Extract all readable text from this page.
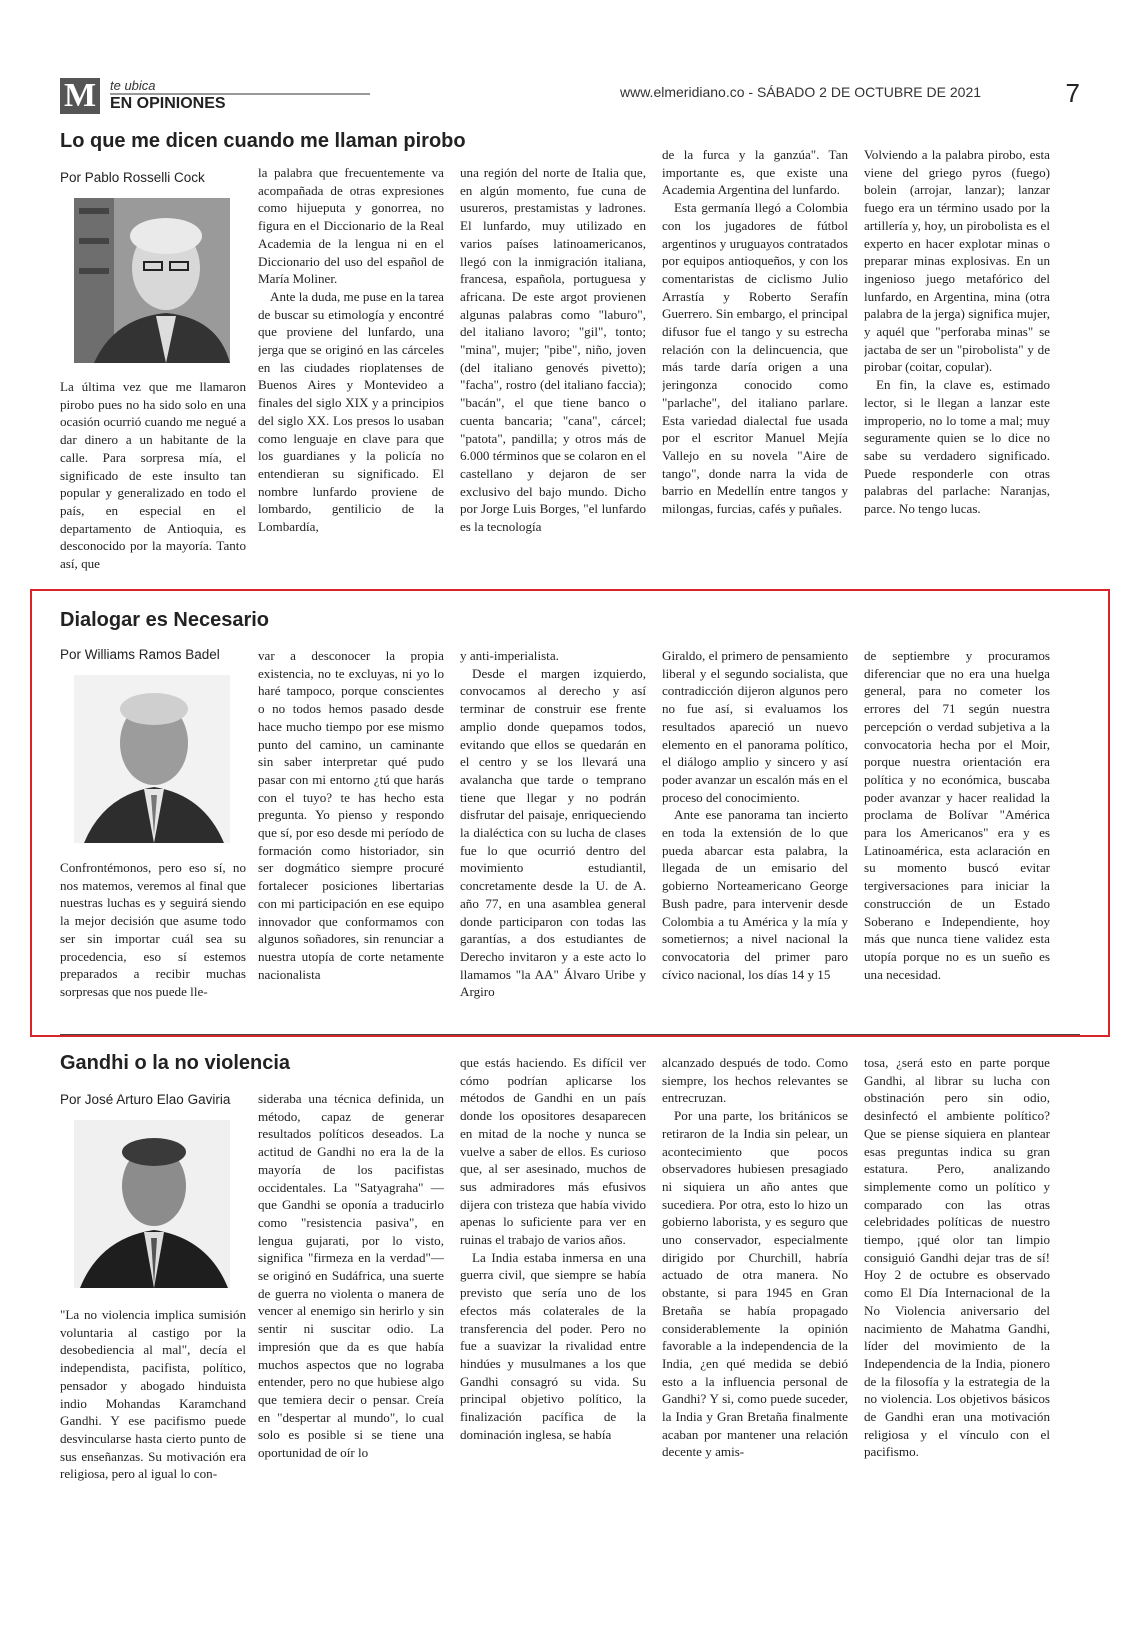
M	te ubica
EN OPINIONES
www.elmeridiano.co - SÁBADO 2 DE OCTUBRE DE 2021	7
Lo que me dicen cuando me llaman pirobo
Por Pablo Rosselli Cock

La última vez que me llamaron pirobo pues no ha sido solo en una ocasión ocurrió cuando me negué a dar dinero a un habitante de la calle. Para sorpresa mía, el significado de este insulto tan popular y generalizado en todo el país, en especial en el departamento de Antioquia, es desconocido por la mayoría. Tanto así, que

la palabra que frecuentemente va acompañada de otras expresiones como hijueputa y gonorrea, no figura en el Diccionario de la Real Academia de la lengua ni en el Diccionario del uso del español de María Moliner.

Ante la duda, me puse en la tarea de buscar su etimología y encontré que proviene del lunfardo, una jerga que se originó en las cárceles en las ciudades rioplatenses de Buenos Aires y Montevideo a finales del siglo XIX y a principios del siglo XX. Los presos lo usaban como lenguaje en clave para que los guardianes y la policía no entendieran su significado. El nombre lunfardo proviene de lombardo, gentilicio de la Lombardía,

una región del norte de Italia que, en algún momento, fue cuna de usureros, prestamistas y ladrones. El lunfardo, muy utilizado en varios países latinoamericanos, llegó con la inmigración italiana, francesa, española, portuguesa y africana. De este argot provienen algunas palabras como "laburo", del italiano lavoro; "gil", tonto; "mina", mujer; "pibe", niño, joven (del italiano genovés pivetto); "facha", rostro (del italiano faccia); "bacán", el que tiene banco o cuenta bancaria; "cana", cárcel; "patota", pandilla; y otros más de 6.000 términos que se colaron en el castellano y dejaron de ser exclusivo del bajo mundo. Dicho por Jorge Luis Borges, "el lunfardo es la tecnología

de la furca y la ganzúa". Tan importante es, que existe una Academia Argentina del lunfardo.

Esta germanía llegó a Colombia con los jugadores de fútbol argentinos y uruguayos contratados por equipos antioqueños, y con los comentaristas de ciclismo Julio Arrastía y Roberto Serafín Guerrero. Sin embargo, el principal difusor fue el tango y su estrecha relación con la delincuencia, que más tarde daría origen a una jeringonza conocido como "parlache", del italiano parlare. Esta variedad dialectal fue usada por el escritor Manuel Mejía Vallejo en su novela "Aire de tango", donde narra la vida de barrio en Medellín entre tangos y milongas, furcias, cafés y puñales.

Volviendo a la palabra pirobo, esta viene del griego pyros (fuego) bolein (arrojar, lanzar); lanzar fuego era un término usado por la artillería y, hoy, un pirobolista es el experto en hacer explotar minas o preparar minas explosivas. En un ingenioso juego metafórico del lunfardo, en Argentina, mina (otra palabra de la jerga) significa mujer, y aquél que "perforaba minas" se jactaba de ser un "pirobolista" y de pirobar (coitar, copular).

En fin, la clave es, estimado lector, si le llegan a lanzar este improperio, no lo tome a mal; muy seguramente quien se lo dice no sabe su verdadero significado. Puede responderle con otras palabras del parlache: Naranjas, parce. No tengo lucas.

Dialogar es Necesario
Por Williams Ramos Badel

Confrontémonos, pero eso sí, no nos matemos, veremos al final que nuestras luchas es y seguirá siendo la mejor decisión que asume todo ser sin importar cuál sea su procedencia, eso sí estemos preparados a recibir muchas sorpresas que nos puede lle-

var a desconocer la propia existencia, no te excluyas, ni yo lo haré tampoco, porque conscientes o no todos hemos pasado desde hace mucho tiempo por ese mismo punto del camino, un caminante sin saber interpretar qué pudo pasar con mi entorno ¿tú que harás con el tuyo? te has hecho esta pregunta. Yo pienso y respondo que sí, por eso desde mi período de formación como historiador, sin ser dogmático siempre procuré fortalecer posiciones libertarias con mi participación en ese equipo innovador que conformamos con algunos soñadores, sin renunciar a nuestra utopía de corte netamente nacionalista

y anti-imperialista.

Desde el margen izquierdo, convocamos al derecho y así terminar de construir ese frente amplio donde quepamos todos, evitando que ellos se quedarán en el centro y se los llevará una avalancha que tarde o temprano tiene que llegar y no podrán disfrutar del paisaje, enriqueciendo la dialéctica con su lucha de clases fue lo que ocurrió dentro del movimiento estudiantil, concretamente desde la U. de A. año 77, en una asamblea general donde participaron con todas las garantías, a dos estudiantes de Derecho invitaron y a este acto lo llamamos "la AA" Álvaro Uribe y Argiro

Giraldo, el primero de pensamiento liberal y el segundo socialista, que contradicción dijeron algunos pero no fue así, si evaluamos los resultados apareció un nuevo elemento en el panorama político, el diálogo amplio y sincero y así poder avanzar un escalón más en el proceso del conocimiento.

Ante ese panorama tan incierto en toda la extensión de lo que pueda abarcar esta palabra, la llegada de un emisario del gobierno Norteamericano George Bush padre, para intervenir desde Colombia a tu América y la mía y sometiernos; a nivel nacional la convocatoria del primer paro cívico nacional, los días 14 y 15

de septiembre y procuramos diferenciar que no era una huelga general, para no cometer los errores del 71 según nuestra percepción o verdad subjetiva a la convocatoria hecha por el Moir, porque nuestra orientación era política y no económica, buscaba poder avanzar y hacer realidad la proclama de Bolívar "América para los Americanos" era y es Latinoamérica, esta aclaración en su momento buscó evitar tergiversaciones para iniciar la construcción de un Estado Soberano e Independiente, hoy más que nunca tiene validez esta utopía porque no es un sueño es una necesidad.

Gandhi o la no violencia
Por José Arturo Elao Gaviria

"La no violencia implica sumisión voluntaria al castigo por la desobediencia al mal", decía el independista, pacifista, político, pensador y abogado hinduista indio Mohandas Karamchand Gandhi. Y ese pacifismo puede desvincularse hasta cierto punto de sus enseñanzas. Su motivación era religiosa, pero al igual lo con-

sideraba una técnica definida, un método, capaz de generar resultados políticos deseados. La actitud de Gandhi no era la de la mayoría de los pacifistas occidentales. La "Satyagraha" —que Gandhi se oponía a traducirlo como "resistencia pasiva", en lengua gujarati, por lo visto, significa "firmeza en la verdad"— se originó en Sudáfrica, una suerte de guerra no violenta o manera de vencer al enemigo sin herirlo y sin sentir ni suscitar odio. La impresión que da es que había muchos aspectos que no lograba entender, pero no que hubiese algo que temiera decir o pensar. Creía en "despertar al mundo", lo cual solo es posible si se tiene una oportunidad de oír lo

que estás haciendo. Es difícil ver cómo podrían aplicarse los métodos de Gandhi en un país donde los opositores desaparecen en mitad de la noche y nunca se vuelve a saber de ellos. Es curioso que, al ser asesinado, muchos de sus admiradores más efusivos dijera con tristeza que había vivido apenas lo suficiente para ver en ruinas el trabajo de varios años.

La India estaba inmersa en una guerra civil, que siempre se había previsto que sería uno de los efectos más colaterales de la transferencia del poder. Pero no fue a suavizar la rivalidad entre hindúes y musulmanes a los que Gandhi consagró su vida. Su principal objetivo político, la finalización pacífica de la dominación inglesa, se había

alcanzado después de todo. Como siempre, los hechos relevantes se entrecruzan.

Por una parte, los británicos se retiraron de la India sin pelear, un acontecimiento que pocos observadores hubiesen presagiado ni siquiera un año antes que sucediera. Por otra, esto lo hizo un gobierno laborista, y es seguro que uno conservador, especialmente dirigido por Churchill, habría actuado de otra manera. No obstante, si para 1945 en Gran Bretaña se había propagado considerablemente la opinión favorable a la independencia de la India, ¿en qué medida se debió esto a la influencia personal de Gandhi? Y si, como puede suceder, la India y Gran Bretaña finalmente acaban por mantener una relación decente y amis-

tosa, ¿será esto en parte porque Gandhi, al librar su lucha con obstinación pero sin odio, desinfectó el ambiente político? Que se piense siquiera en plantear esas preguntas indica su gran estatura. Pero, analizando simplemente como un político y comparado con las otras celebridades políticas de nuestro tiempo, ¡qué olor tan limpio consiguió Gandhi dejar tras de sí! Hoy 2 de octubre es observado como El Día Internacional de la No Violencia aniversario del nacimiento de Mahatma Gandhi, líder del movimiento de la Independencia de la India, pionero de la filosofía y la estrategia de la no violencia. Los objetivos básicos de Gandhi eran una motivación religiosa y el vínculo con el pacifismo.
